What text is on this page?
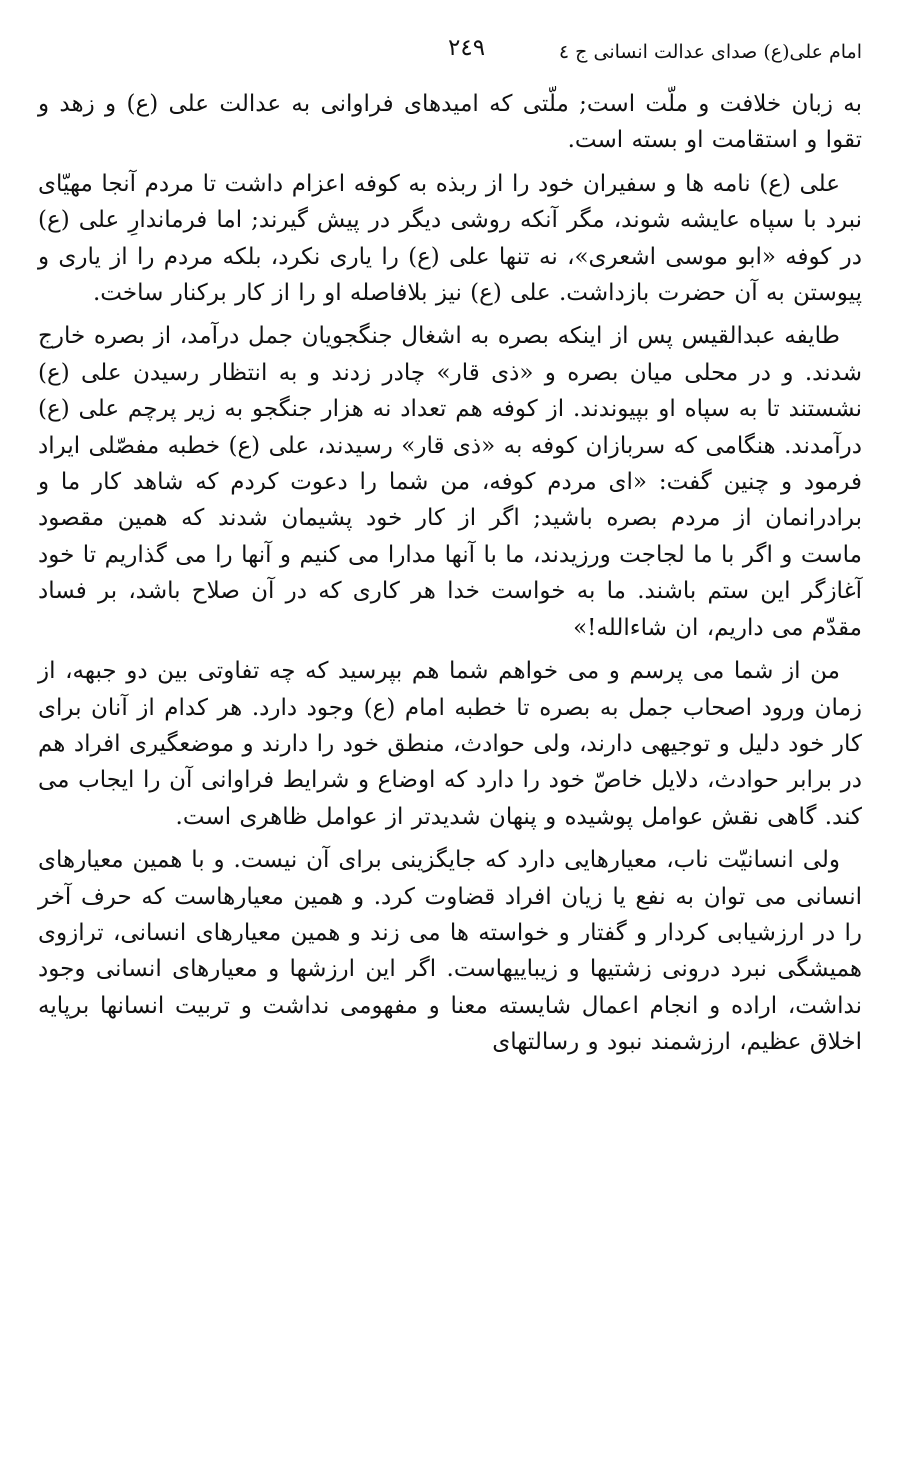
امام علی(ع) صدای عدالت انسانی ج ٤
٢٤٩

به زبان خلافت و ملّت است; ملّتی که امیدهای فراوانی به عدالت علی (ع) و زهد و تقوا و استقامت او بسته است.

علی (ع) نامه ها و سفیران خود را از ربذه به کوفه اعزام داشت تا مردم آنجا مهیّای نبرد با سپاه عایشه شوند، مگر آنکه روشی دیگر در پیش گیرند; اما فرماندارِ علی (ع) در کوفه «ابو موسی اشعری»، نه تنها علی (ع) را یاری نکرد، بلکه مردم را از یاری و پیوستن به آن حضرت بازداشت. علی (ع) نیز بلافاصله او را از کار برکنار ساخت.

طایفه عبدالقیس پس از اینکه بصره به اشغال جنگجویان جمل درآمد، از بصره خارج شدند. و در محلی میان بصره و «ذی قار» چادر زدند و به انتظار رسیدن علی (ع) نشستند تا به سپاه او بپیوندند. از کوفه هم تعداد نه هزار جنگجو به زیر پرچم علی (ع) درآمدند. هنگامی که سربازان کوفه به «ذی قار» رسیدند، علی (ع) خطبه مفصّلی ایراد فرمود و چنین گفت: «ای مردم کوفه، من شما را دعوت کردم که شاهد کار ما و برادرانمان از مردم بصره باشید; اگر از کار خود پشیمان شدند که همین مقصود ماست و اگر با ما لجاجت ورزیدند، ما با آنها مدارا می کنیم و آنها را می گذاریم تا خود آغازگر این ستم باشند. ما به خواست خدا هر کاری که در آن صلاح باشد، بر فساد مقدّم می داریم، ان شاءالله!»

من از شما می پرسم و می خواهم شما هم بپرسید که چه تفاوتی بین دو جبهه، از زمان ورود اصحاب جمل به بصره تا خطبه امام (ع) وجود دارد. هر کدام از آنان برای کار خود دلیل و توجیهی دارند، ولی حوادث، منطق خود را دارند و موضعگیری افراد هم در برابر حوادث، دلایل خاصّ خود را دارد که اوضاع و شرایط فراوانی آن را ایجاب می کند. گاهی نقش عوامل پوشیده و پنهان شدیدتر از عوامل ظاهری است.

ولی انسانیّت ناب، معیارهایی دارد که جایگزینی برای آن نیست. و با همین معیارهای انسانی می توان به نفع یا زیان افراد قضاوت کرد. و همین معیارهاست که حرف آخر را در ارزشیابی کردار و گفتار و خواسته ها می زند و همین معیارهای انسانی، ترازوی همیشگی نبرد درونی زشتیها و زیباییهاست. اگر این ارزشها و معیارهای انسانی وجود نداشت، اراده و انجام اعمال شایسته معنا و مفهومی نداشت و تربیت انسانها برپایه اخلاق عظیم، ارزشمند نبود و رسالتهای
